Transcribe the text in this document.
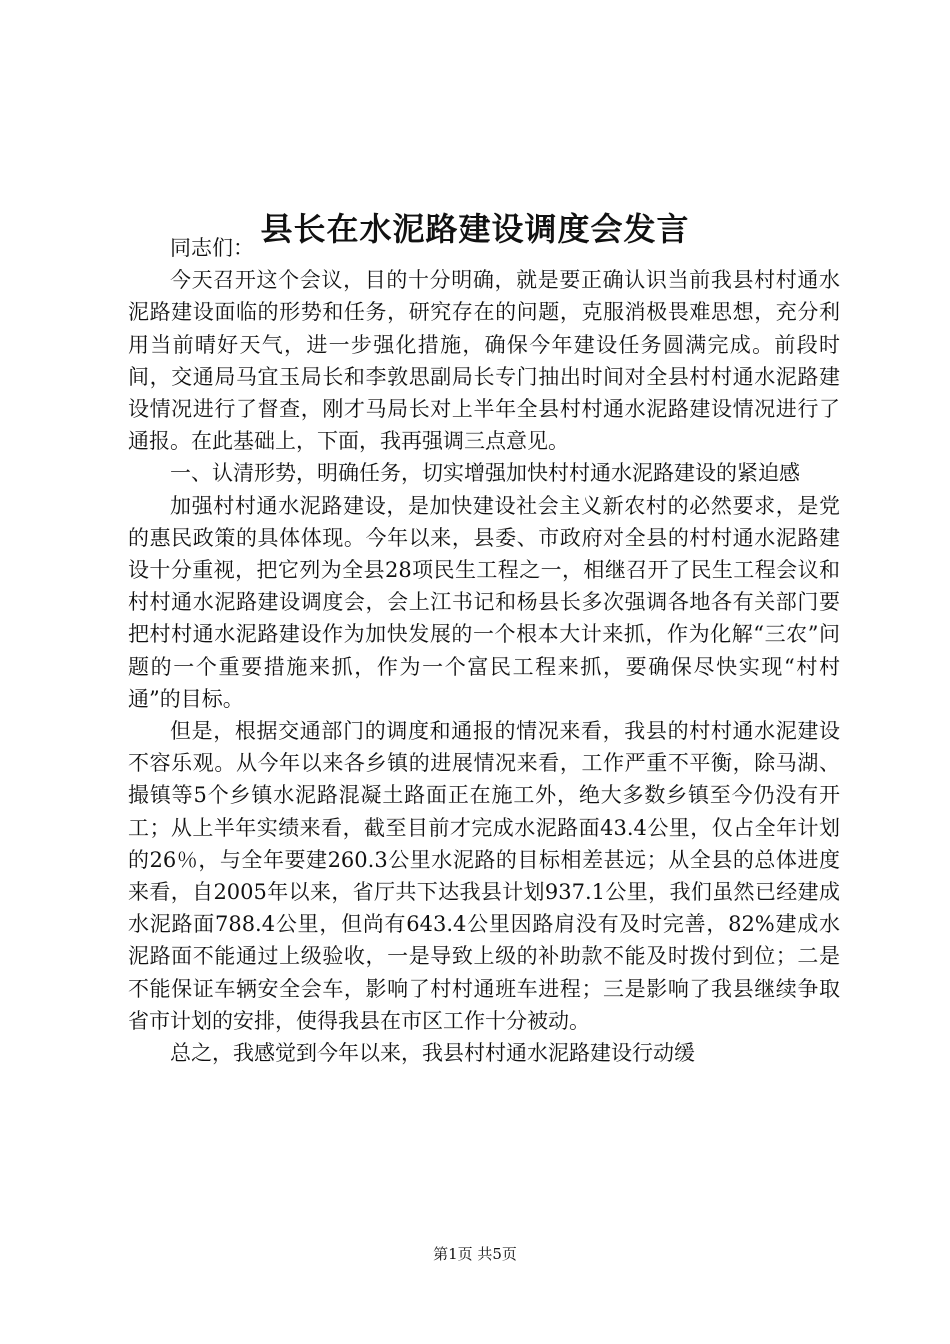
县长在水泥路建设调度会发言

同志们：

今天召开这个会议，目的十分明确，就是要正确认识当前我县村村通水泥路建设面临的形势和任务，研究存在的问题，克服消极畏难思想，充分利用当前晴好天气，进一步强化措施，确保今年建设任务圆满完成。前段时间，交通局马宜玉局长和李敦思副局长专门抽出时间对全县村村通水泥路建设情况进行了督查，刚才马局长对上半年全县村村通水泥路建设情况进行了通报。在此基础上，下面，我再强调三点意见。

一、认清形势，明确任务，切实增强加快村村通水泥路建设的紧迫感

加强村村通水泥路建设，是加快建设社会主义新农村的必然要求，是党的惠民政策的具体体现。今年以来，县委、市政府对全县的村村通水泥路建设十分重视，把它列为全县28项民生工程之一，相继召开了民生工程会议和村村通水泥路建设调度会，会上江书记和杨县长多次强调各地各有关部门要把村村通水泥路建设作为加快发展的一个根本大计来抓，作为化解“三农”问题的一个重要措施来抓，作为一个富民工程来抓，要确保尽快实现“村村通”的目标。

但是，根据交通部门的调度和通报的情况来看，我县的村村通水泥建设不容乐观。从今年以来各乡镇的进展情况来看，工作严重不平衡，除马湖、撮镇等5个乡镇水泥路混凝土路面正在施工外，绝大多数乡镇至今仍没有开工；从上半年实绩来看，截至目前才完成水泥路面43.4公里，仅占全年计划的26％，与全年要建260.3公里水泥路的目标相差甚远；从全县的总体进度来看，自2005年以来，省厅共下达我县计划937.1公里，我们虽然已经建成水泥路面788.4公里，但尚有643.4公里因路肩没有及时完善，82%建成水泥路面不能通过上级验收，一是导致上级的补助款不能及时拨付到位；二是不能保证车辆安全会车，影响了村村通班车进程；三是影响了我县继续争取省市计划的安排，使得我县在市区工作十分被动。

总之，我感觉到今年以来，我县村村通水泥路建设行动缓

第1页 共5页
